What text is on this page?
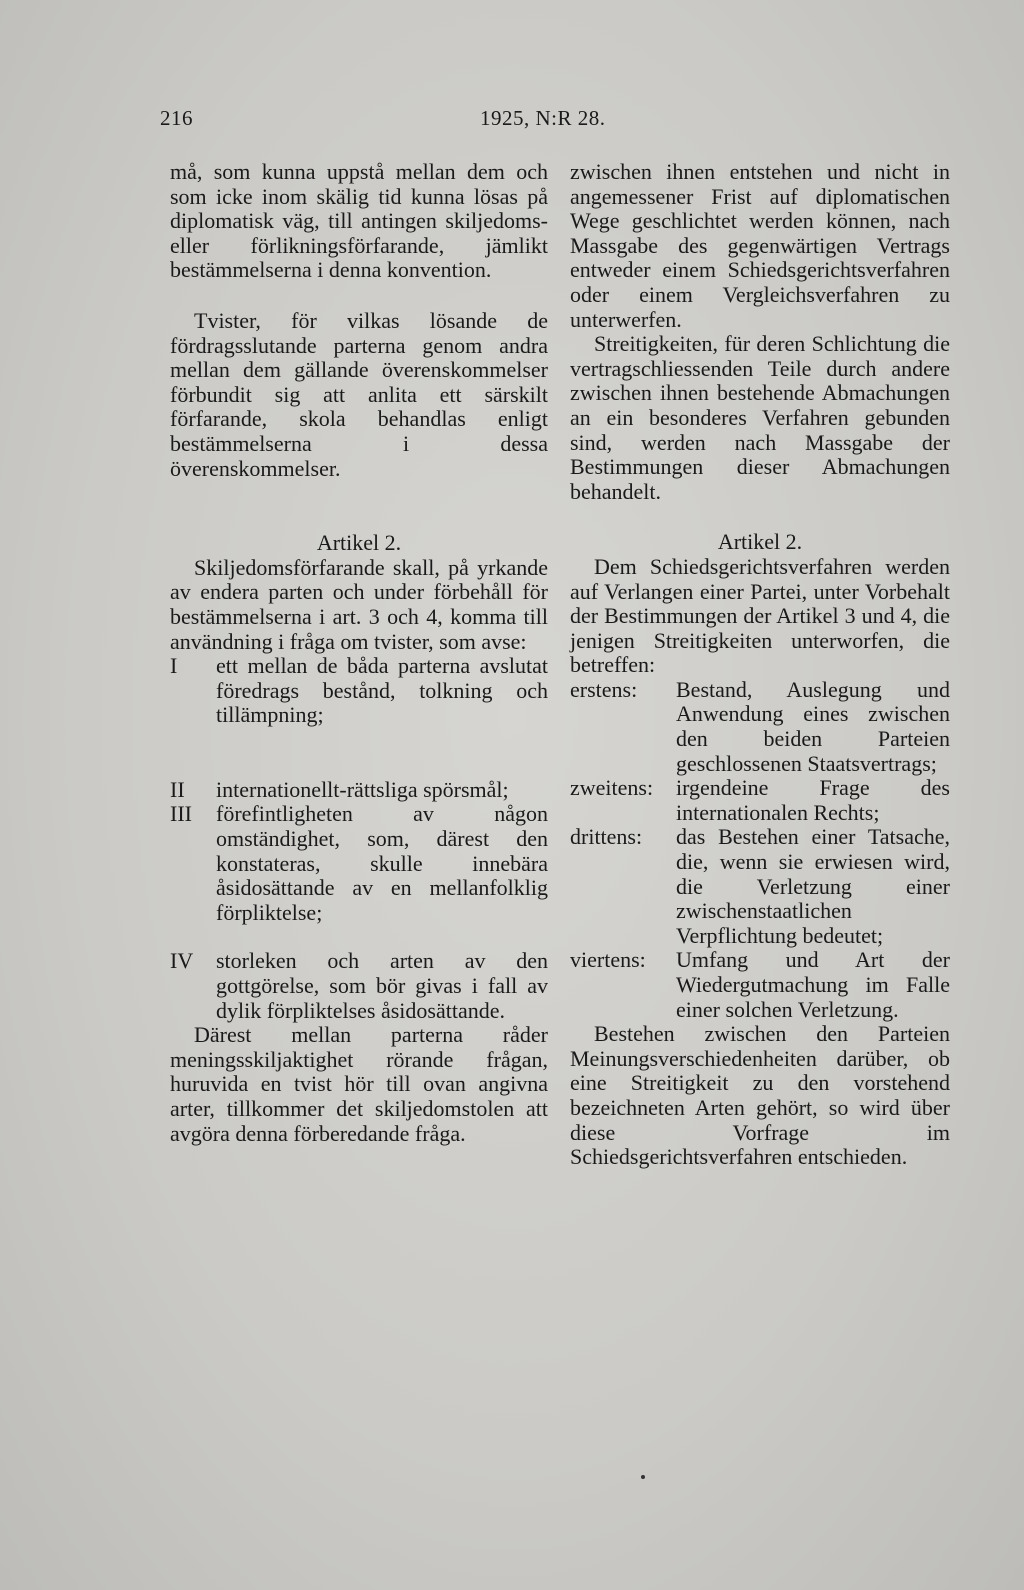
216	1925, N:R 28.

må, som kunna uppstå mellan dem och som icke inom skälig tid kunna lösas på diplomatisk väg, till antingen skiljedoms- eller förlikningsförfarande, jämlikt bestämmelserna i denna konvention.

Tvister, för vilkas lösande de fördragsslutande parterna genom andra mellan dem gällande överenskommelser förbundit sig att anlita ett särskilt förfarande, skola behandlas enligt bestämmelserna i dessa överenskommelser.

Artikel 2.

Skiljedomsförfarande skall, på yrkande av endera parten och under förbehåll för bestämmelserna i art. 3 och 4, komma till användning i fråga om tvister, som avse:

I	ett mellan de båda parterna avslutat föredrags bestånd, tolkning och tillämpning;
II	internationellt-rättsliga spörsmål;
III	förefintligheten av någon omständighet, som, därest den konstateras, skulle innebära åsidosättande av en mellanfolklig förpliktelse;
IV	storleken och arten av den gottgörelse, som bör givas i fall av dylik förpliktelses åsidosättande.

Därest mellan parterna råder meningsskiljaktighet rörande frågan, huruvida en tvist hör till ovan angivna arter, tillkommer det skiljedomstolen att avgöra denna förberedande fråga.

zwischen ihnen entstehen und nicht in angemessener Frist auf diplomatischen Wege geschlichtet werden können, nach Massgabe des gegenwärtigen Vertrags entweder einem Schiedsgerichtsverfahren oder einem Vergleichsverfahren zu unterwerfen.

Streitigkeiten, für deren Schlichtung die vertragschliessenden Teile durch andere zwischen ihnen bestehende Abmachungen an ein besonderes Verfahren gebunden sind, werden nach Massgabe der Bestimmungen dieser Abmachungen behandelt.

Artikel 2.

Dem Schiedsgerichtsverfahren werden auf Verlangen einer Partei, unter Vorbehalt der Bestimmungen der Artikel 3 und 4, die jenigen Streitigkeiten unterworfen, die betreffen:

erstens:	Bestand, Auslegung und Anwendung eines zwischen den beiden Parteien geschlossenen Staatsvertrags;
zweitens:	irgendeine Frage des internationalen Rechts;
drittens:	das Bestehen einer Tatsache, die, wenn sie erwiesen wird, die Verletzung einer zwischenstaatlichen Verpflichtung bedeutet;
viertens:	Umfang und Art der Wiedergutmachung im Falle einer solchen Verletzung.

Bestehen zwischen den Parteien Meinungsverschiedenheiten darüber, ob eine Streitigkeit zu den vorstehend bezeichneten Arten gehört, so wird über diese Vorfrage im Schiedsgerichtsverfahren entschieden.
